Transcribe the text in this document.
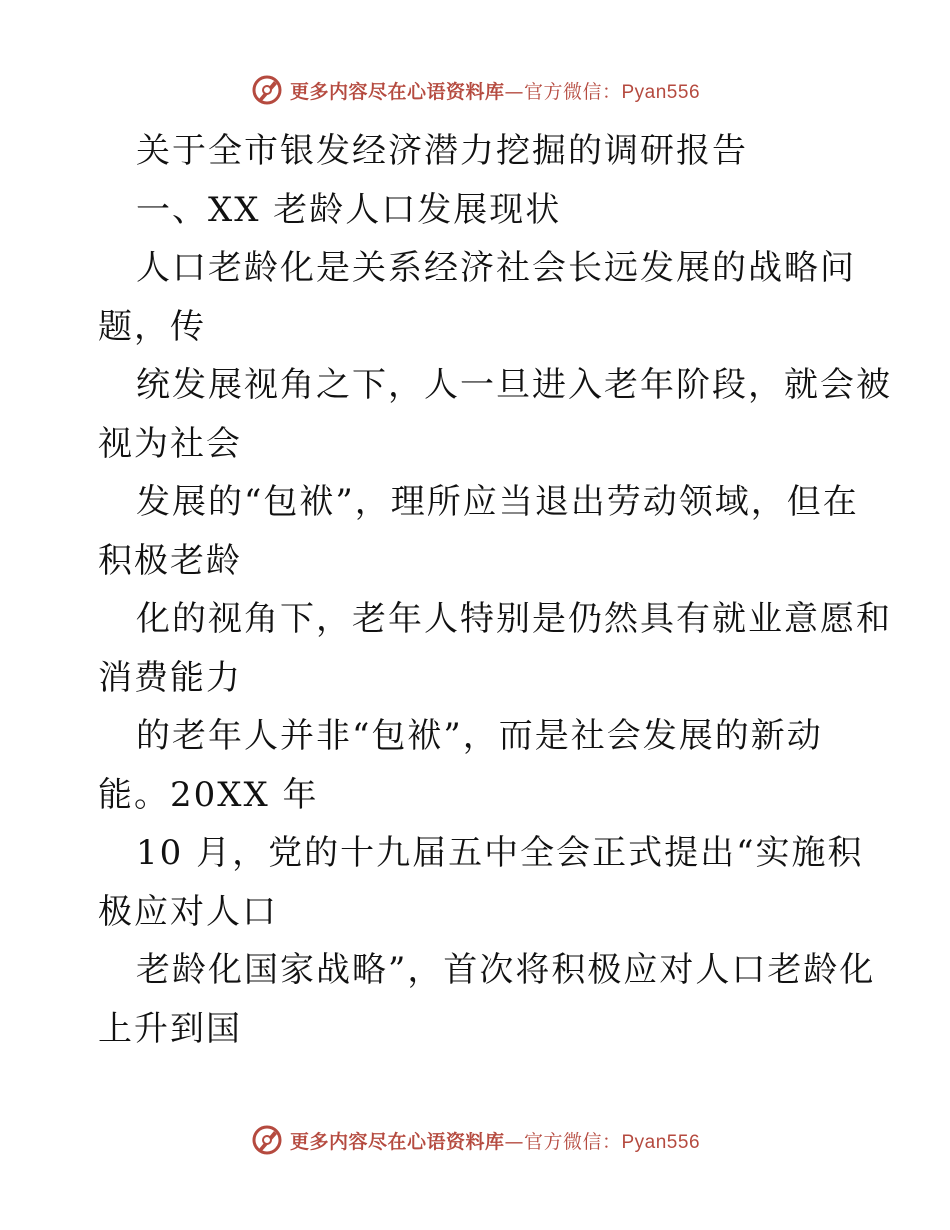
更多内容尽在心语资料库—官方微信：Pyan556
关于全市银发经济潜力挖掘的调研报告
一、XX 老龄人口发展现状
人口老龄化是关系经济社会长远发展的战略问
题，传
统发展视角之下，人一旦进入老年阶段，就会被
视为社会
发展的“包袱”，理所应当退出劳动领域，但在
积极老龄
化的视角下，老年人特别是仍然具有就业意愿和
消费能力
的老年人并非“包袱”，而是社会发展的新动
能。20XX 年
10 月，党的十九届五中全会正式提出“实施积
极应对人口
老龄化国家战略”，首次将积极应对人口老龄化
上升到国
更多内容尽在心语资料库—官方微信：Pyan556
